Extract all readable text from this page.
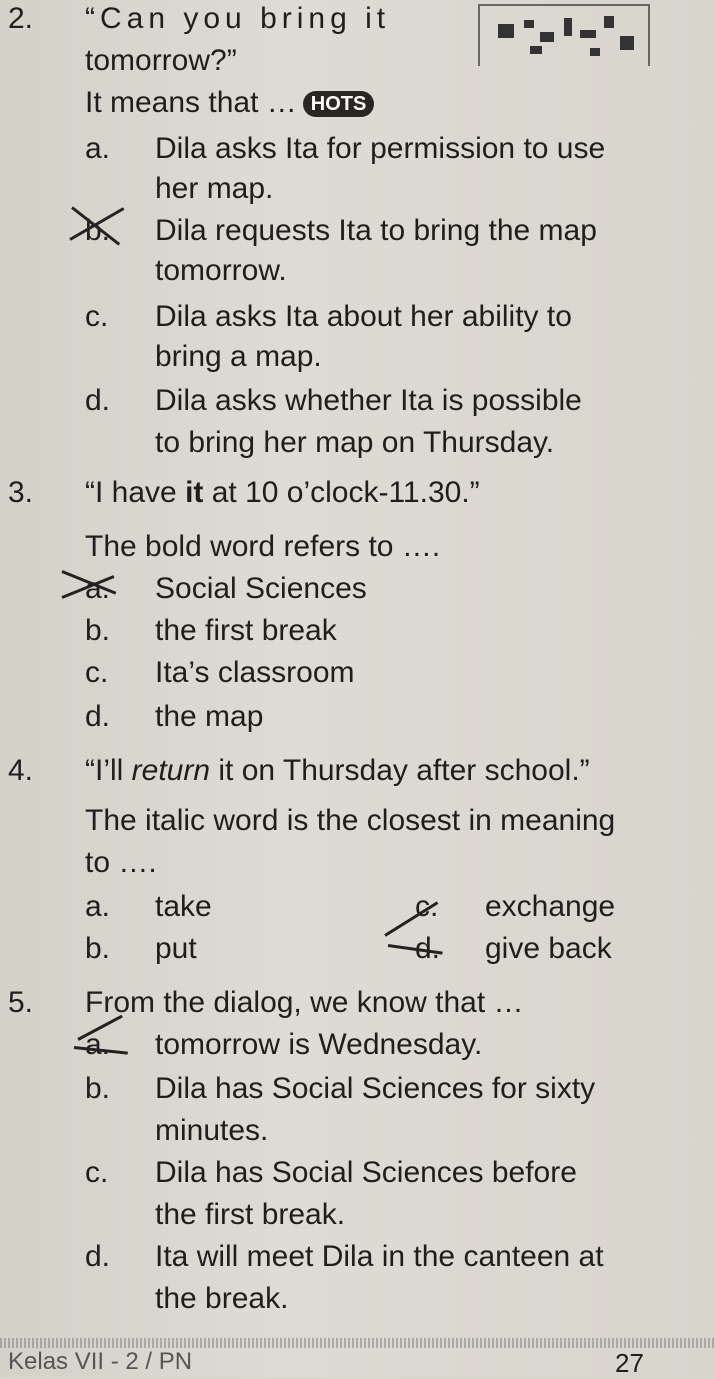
2. “Can you bring it
tomorrow?”
It means that … HOTS
a. Dila asks Ita for permission to use
her map.
b. Dila requests Ita to bring the map
tomorrow.
c. Dila asks Ita about her ability to
bring a map.
d. Dila asks whether Ita is possible
to bring her map on Thursday.
3. “I have it at 10 o’clock-11.30.”
The bold word refers to ….
a. Social Sciences
b. the first break
c. Ita’s classroom
d. the map
4. “I’ll return it on Thursday after school.”
The italic word is the closest in meaning
to ….
a. take	c. exchange
b. put	d. give back
5. From the dialog, we know that …
a. tomorrow is Wednesday.
b. Dila has Social Sciences for sixty
minutes.
c. Dila has Social Sciences before
the first break.
d. Ita will meet Dila in the canteen at
the break.
Kelas VII - 2 / PN	27
